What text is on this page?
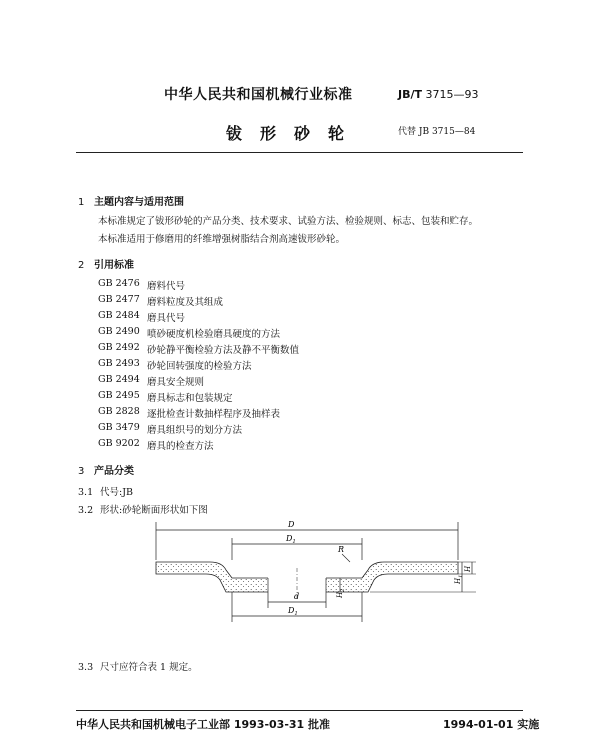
中华人民共和国机械行业标准	JB/T 3715—93
钹形砂轮	代替 JB 3715—84
1 主题内容与适用范围
本标准规定了钹形砂轮的产品分类、技术要求、试验方法、检验规则、标志、包装和贮存。
本标准适用于修磨用的纤维增强树脂结合剂高速钹形砂轮。
2 引用标准
GB 2476 磨料代号
GB 2477 磨料粒度及其组成
GB 2484 磨具代号
GB 2490 喷砂硬度机检验磨具硬度的方法
GB 2492 砂轮静平衡检验方法及静不平衡数值
GB 2493 砂轮回转强度的检验方法
GB 2494 磨具安全规则
GB 2495 磨具标志和包装规定
GB 2828 逐批检查计数抽样程序及抽样表
GB 3479 磨具组织号的划分方法
GB 9202 磨具的检查方法
3 产品分类
3.1 代号:JB
3.2 形状:砂轮断面形状如下图
D
$D_1$
R
d
$D_1$
$H_2$
$H_1$
H
3.3 尺寸应符合表 1 规定。
中华人民共和国机械电子工业部 1993-03-31 批准	1994-01-01 实施
